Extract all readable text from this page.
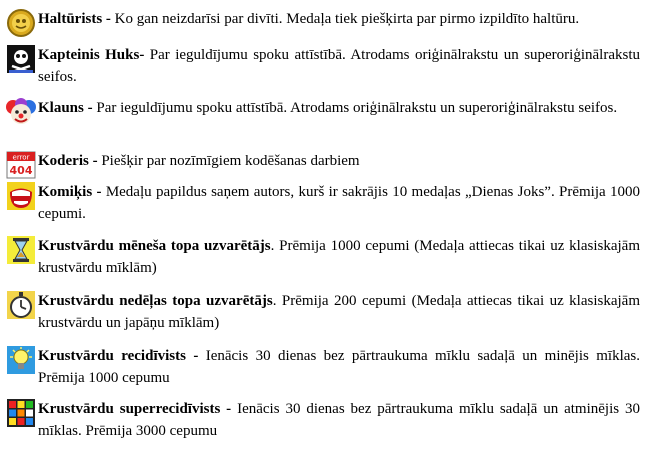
Haltūrists - Ko gan neizdarīsi par divīti. Medaļa tiek piešķirta par pirmo izpildīto haltūru.
Kapteinis Huks- Par ieguldījumu spoku attīstībā. Atrodams oriģinālrakstu un superoriģinālrakstu seifos.
Klauns - Par ieguldījumu spoku attīstībā. Atrodams oriģinālrakstu un superoriģinālrakstu seifos.
error
404
Koderis - Piešķir par nozīmīgiem kodēšanas darbiem
Komiķis - Medaļu papildus saņem autors, kurš ir sakrājis 10 medaļas „Dienas Joks”. Prēmija 1000 cepumi.
Krustvārdu mēneša topa uzvarētājs. Prēmija 1000 cepumi (Medaļa attiecas tikai uz klasiskajām krustvārdu mīklām)
Krustvārdu nedēļas topa uzvarētājs. Prēmija 200 cepumi (Medaļa attiecas tikai uz klasiskajām krustvārdu un japāņu mīklām)
Krustvārdu recidīvists - Ienācis 30 dienas bez pārtraukuma mīklu sadaļā un minējis mīklas. Prēmija 1000 cepumu
Krustvārdu superrecidīvists - Ienācis 30 dienas bez pārtraukuma mīklu sadaļā un atminējis 30 mīklas. Prēmija 3000 cepumu
